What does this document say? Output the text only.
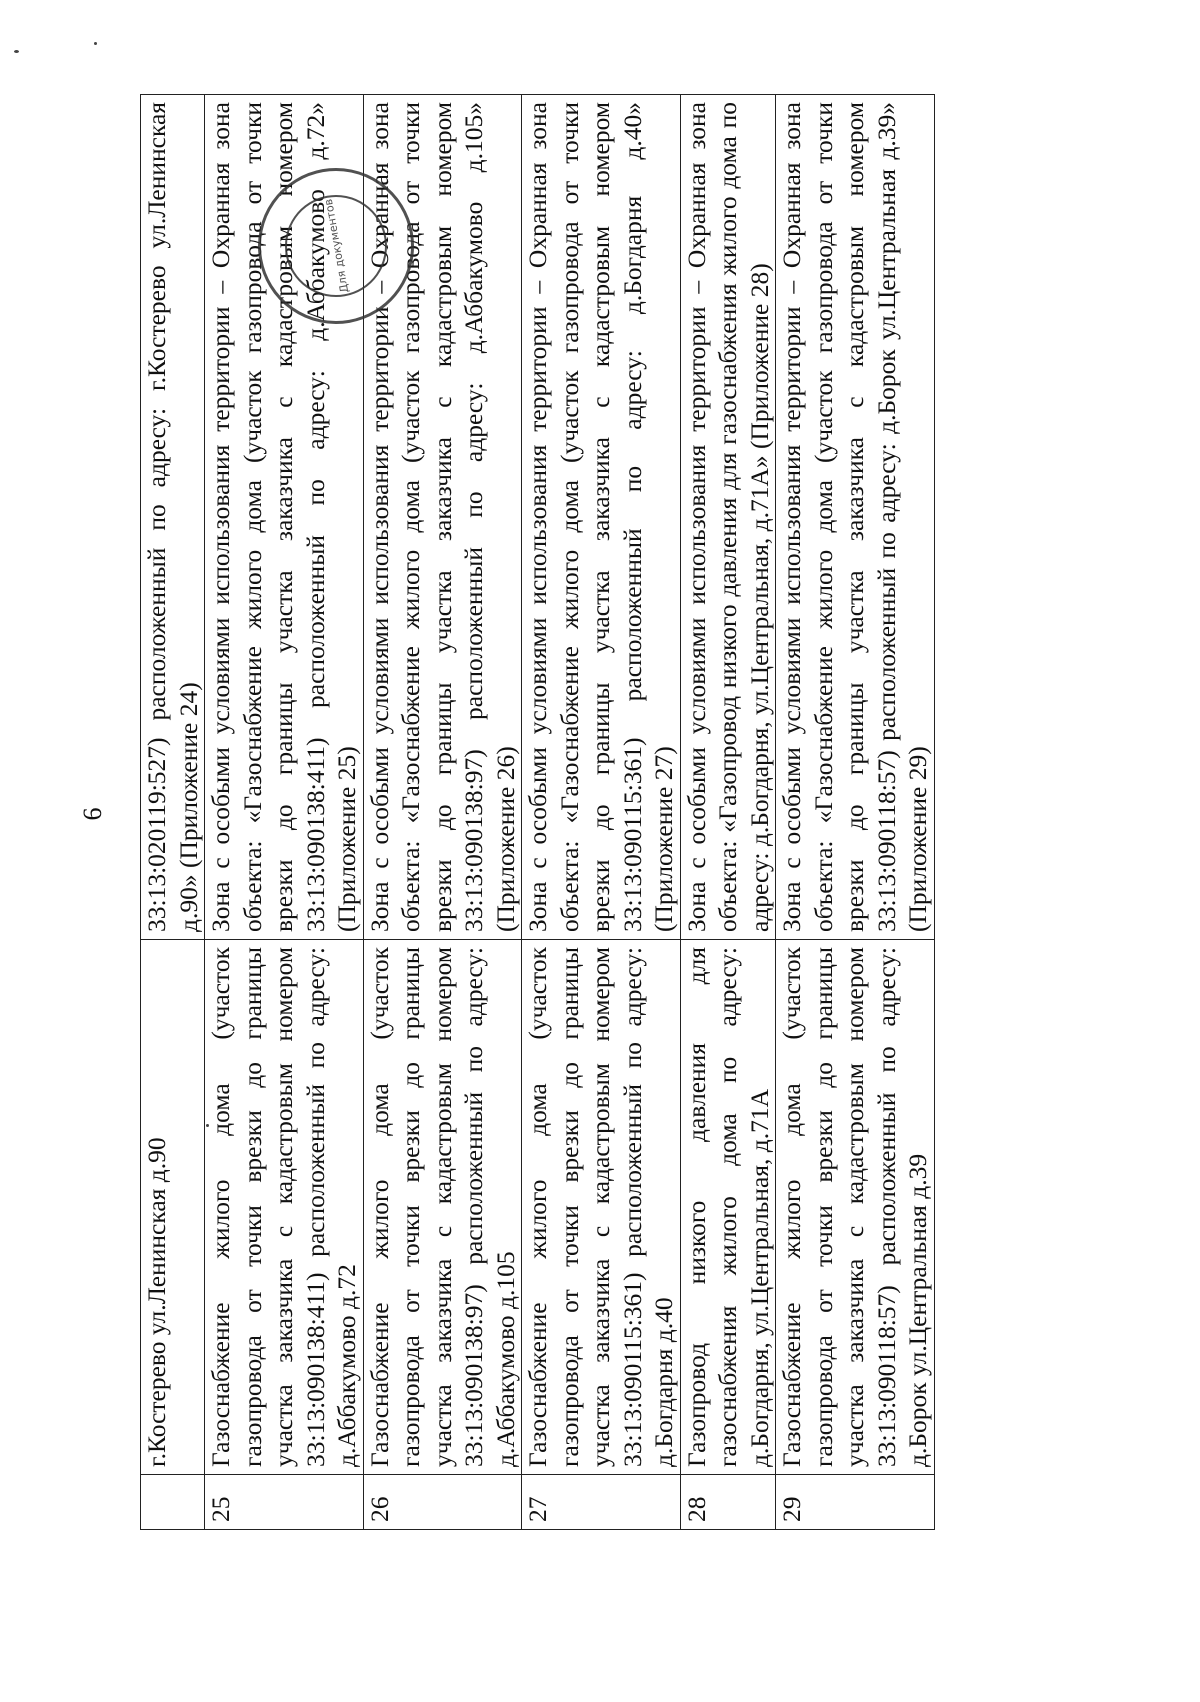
6
	г.Костерево ул.Ленинская д.90	33:13:020119:527) расположенный по адресу: г.Костерево ул.Ленинская д.90» (Приложение 24)
25	Газоснабжение жилого дома (участок газопровода от точки врезки до границы участка заказчика с кадастровым номером 33:13:090138:411) расположенный по адресу: д.Аббакумово д.72	Зона с особыми условиями использования территории – Охранная зона объекта: «Газоснабжение жилого дома (участок газопровода от точки врезки до границы участка заказчика с кадастровым номером 33:13:090138:411) расположенный по адресу: д.Аббакумово д.72» (Приложение 25)
26	Газоснабжение жилого дома (участок газопровода от точки врезки до границы участка заказчика с кадастровым номером 33:13:090138:97) расположенный по адресу: д.Аббакумово д.105	Зона с особыми условиями использования территории – Охранная зона объекта: «Газоснабжение жилого дома (участок газопровода от точки врезки до границы участка заказчика с кадастровым номером 33:13:090138:97) расположенный по адресу: д.Аббакумово д.105» (Приложение 26)
27	Газоснабжение жилого дома (участок газопровода от точки врезки до границы участка заказчика с кадастровым номером 33:13:090115:361) расположенный по адресу: д.Богдарня д.40	Зона с особыми условиями использования территории – Охранная зона объекта: «Газоснабжение жилого дома (участок газопровода от точки врезки до границы участка заказчика с кадастровым номером 33:13:090115:361) расположенный по адресу: д.Богдарня д.40» (Приложение 27)
28	Газопровод низкого давления для газоснабжения жилого дома по адресу: д.Богдарня, ул.Центральная, д.71А	Зона с особыми условиями использования территории – Охранная зона объекта: «Газопровод низкого давления для газоснабжения жилого дома по адресу: д.Богдарня, ул.Центральная, д.71А» (Приложение 28)
29	Газоснабжение жилого дома (участок газопровода от точки врезки до границы участка заказчика с кадастровым номером 33:13:090118:57) расположенный по адресу: д.Борок ул.Центральная д.39	Зона с особыми условиями использования территории – Охранная зона объекта: «Газоснабжение жилого дома (участок газопровода от точки врезки до границы участка заказчика с кадастровым номером 33:13:090118:57) расположенный по адресу: д.Борок ул.Центральная д.39» (Приложение 29)
Для документов
